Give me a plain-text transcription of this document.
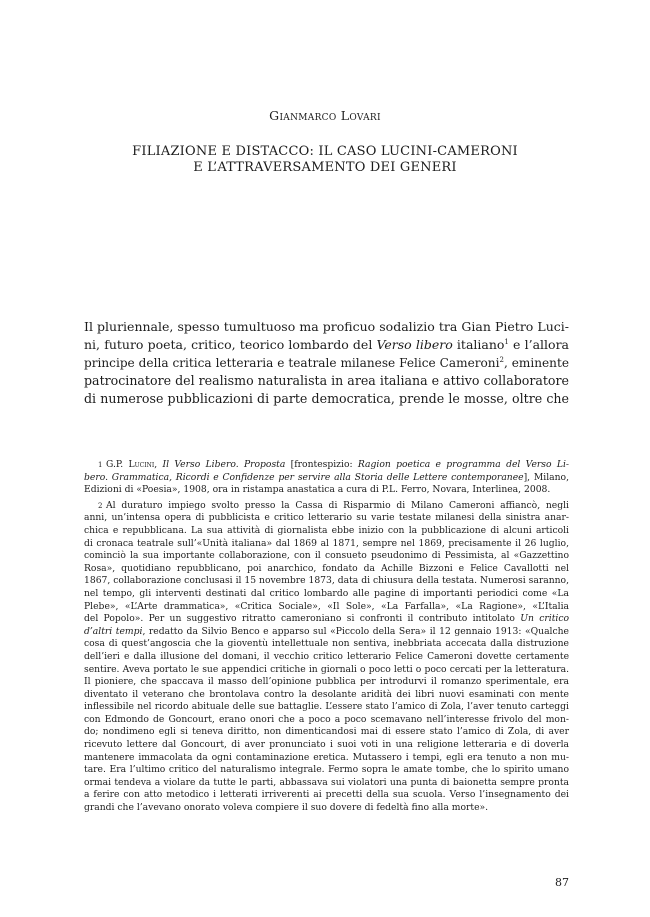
Gianmarco Lovari
FILIAZIONE E DISTACCO: IL CASO LUCINI-CAMERONI
E L’ATTRAVERSAMENTO DEI GENERI
Il pluriennale, spesso tumultuoso ma proficuo sodalizio tra Gian Pietro Luci-
ni, futuro poeta, critico, teorico lombardo del Verso libero italiano$^1$ e l’allora
principe della critica letteraria e teatrale milanese Felice Cameroni$^2$, eminente
patrocinatore del realismo naturalista in area italiana e attivo collaboratore
di numerose pubblicazioni di parte democratica, prende le mosse, oltre che
1 G.P. Lucini, Il Verso Libero. Proposta [frontespizio: Ragion poetica e programma del Verso Li-
bero. Grammatica, Ricordi e Confidenze per servire alla Storia delle Lettere contemporanee], Milano,
Edizioni di «Poesia», 1908, ora in ristampa anastatica a cura di P.L. Ferro, Novara, Interlinea, 2008.
2 Al duraturo impiego svolto presso la Cassa di Risparmio di Milano Cameroni affiancò, negli
anni, un’intensa opera di pubblicista e critico letterario su varie testate milanesi della sinistra anar-
chica e repubblicana. La sua attività di giornalista ebbe inizio con la pubblicazione di alcuni articoli
di cronaca teatrale sull’«Unità italiana» dal 1869 al 1871, sempre nel 1869, precisamente il 26 luglio,
cominciò la sua importante collaborazione, con il consueto pseudonimo di Pessimista, al «Gazzettino
Rosa», quotidiano repubblicano, poi anarchico, fondato da Achille Bizzoni e Felice Cavallotti nel
1867, collaborazione conclusasi il 15 novembre 1873, data di chiusura della testata. Numerosi saranno,
nel tempo, gli interventi destinati dal critico lombardo alle pagine di importanti periodici come «La
Plebe», «L’Arte drammatica», «Critica Sociale», «Il Sole», «La Farfalla», «La Ragione», «L’Italia
del Popolo». Per un suggestivo ritratto cameroniano si confronti il contributo intitolato Un critico
d’altri tempi, redatto da Silvio Benco e apparso sul «Piccolo della Sera» il 12 gennaio 1913: «Qualche
cosa di quest’angoscia che la gioventù intellettuale non sentiva, inebbriata accecata dalla distruzione
dell’ieri e dalla illusione del domani, il vecchio critico letterario Felice Cameroni dovette certamente
sentire. Aveva portato le sue appendici critiche in giornali o poco letti o poco cercati per la letteratura.
Il pioniere, che spaccava il masso dell’opinione pubblica per introdurvi il romanzo sperimentale, era
diventato il veterano che brontolava contro la desolante aridità dei libri nuovi esaminati con mente
inflessibile nel ricordo abituale delle sue battaglie. L’essere stato l’amico di Zola, l’aver tenuto carteggi
con Edmondo de Goncourt, erano onori che a poco a poco scemavano nell’interesse frivolo del mon-
do; nondimeno egli si teneva diritto, non dimenticandosi mai di essere stato l’amico di Zola, di aver
ricevuto lettere dal Goncourt, di aver pronunciato i suoi voti in una religione letteraria e di doverla
mantenere immacolata da ogni contaminazione eretica. Mutassero i tempi, egli era tenuto a non mu-
tare. Era l’ultimo critico del naturalismo integrale. Fermo sopra le amate tombe, che lo spirito umano
ormai tendeva a violare da tutte le parti, abbassava sui violatori una punta di baionetta sempre pronta
a ferire con atto metodico i letterati irriverenti ai precetti della sua scuola. Verso l’insegnamento dei
grandi che l’avevano onorato voleva compiere il suo dovere di fedeltà fino alla morte».
87
